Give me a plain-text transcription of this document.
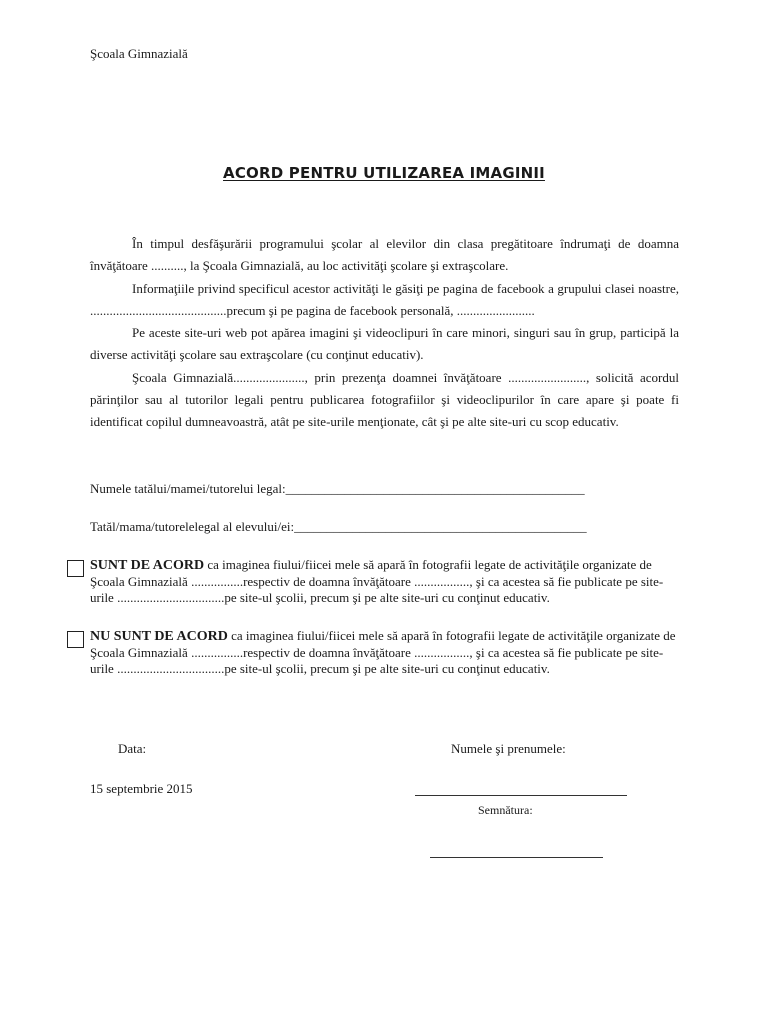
Şcoala Gimnazială
ACORD PENTRU UTILIZAREA IMAGINII

În timpul desfăşurării programului şcolar al elevilor din clasa pregătitoare îndrumaţi de doamna învăţătoare .........., la Şcoala Gimnazială, au loc activităţi şcolare şi extraşcolare.

Informaţiile privind specificul acestor activităţi le găsiţi pe pagina de facebook a grupului clasei noastre, ..........................................precum şi pe pagina de facebook personală, ........................

Pe aceste site-uri web pot apărea imagini şi videoclipuri în care minori, singuri sau în grup, participă la diverse activităţi şcolare sau extraşcolare (cu conţinut educativ).

Şcoala Gimnazială......................, prin prezenţa doamnei învăţătoare ........................, solicită acordul părinţilor sau al tutorilor legali pentru publicarea fotografiilor şi videoclipurilor în care apare şi poate fi identificat copilul dumneavoastră, atât pe site-urile menţionate, cât şi pe alte site-uri cu scop educativ.

Numele tatălui/mamei/tutorelui legal:______________________________________________
Tatăl/mama/tutorelelegal al elevului/ei:_____________________________________________
SUNT DE ACORD ca imaginea fiului/fiicei mele să apară în fotografii legate de activităţile organizate de Şcoala Gimnazială ................respectiv de doamna învăţătoare ................., şi ca acestea să fie publicate pe site-urile .................................pe site-ul şcolii, precum şi pe alte site-uri cu conţinut educativ.
NU SUNT DE ACORD ca imaginea fiului/fiicei mele să apară în fotografii legate de activităţile organizate de Şcoala Gimnazială ................respectiv de doamna învăţătoare ................., şi ca acestea să fie publicate pe site-urile .................................pe site-ul şcolii, precum şi pe alte site-uri cu conţinut educativ.
Data:
15 septembrie 2015
Numele şi prenumele:
Semnătura:
